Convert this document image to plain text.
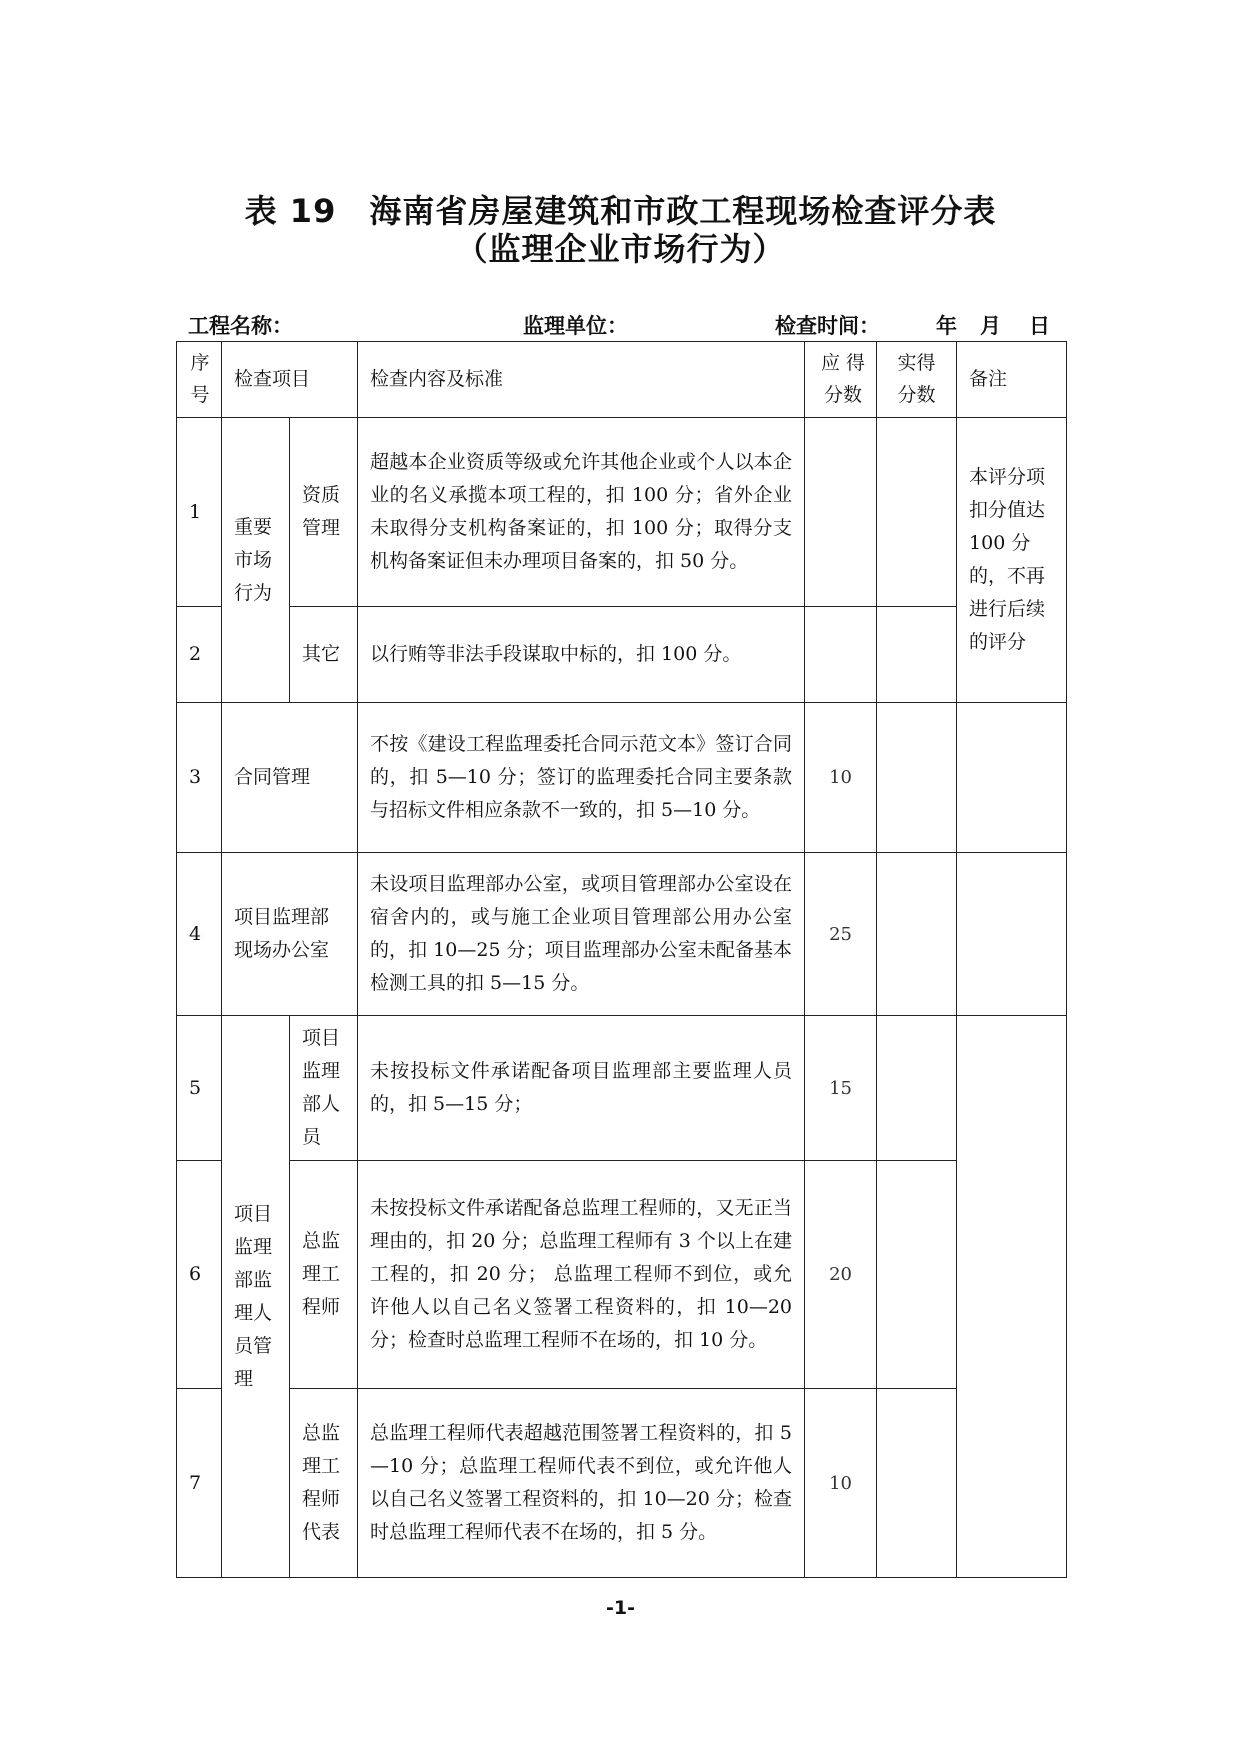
表 19　海南省房屋建筑和市政工程现场检查评分表
（监理企业市场行为）
工程名称：	监理单位：	检查时间：	年 月 日
序号	检查项目		检查内容及标准	应 得 分数	实得分数	备注
1	重要市场行为	资质管理	超越本企业资质等级或允许其他企业或个人以本企业的名义承揽本项工程的，扣 100 分；省外企业未取得分支机构备案证的，扣 100 分；取得分支机构备案证但未办理项目备案的，扣 50 分。			本评分项扣分值达 100 分的，不再进行后续的评分
2		其它	以行贿等非法手段谋取中标的，扣 100 分。			
3	合同管理		不按《建设工程监理委托合同示范文本》签订合同的，扣 5—10 分；签订的监理委托合同主要条款与招标文件相应条款不一致的，扣 5—10 分。	10		
4	项目监理部现场办公室		未设项目监理部办公室，或项目管理部办公室设在宿舍内的，或与施工企业项目管理部公用办公室的，扣 10—25 分；项目监理部办公室未配备基本检测工具的扣 5—15 分。	25		
5	项目监理部监理人员管理	项目监理部人员	未按投标文件承诺配备项目监理部主要监理人员的，扣 5—15 分；	15		
6		总监理工程师	未按投标文件承诺配备总监理工程师的，又无正当理由的，扣 20 分；总监理工程师有 3 个以上在建工程的，扣 20 分； 总监理工程师不到位，或允许他人以自己名义签署工程资料的，扣 10—20 分；检查时总监理工程师不在场的，扣 10 分。	20		
7		总监理工程师代表	总监理工程师代表超越范围签署工程资料的，扣 5—10 分；总监理工程师代表不到位，或允许他人以自己名义签署工程资料的，扣 10—20 分；检查时总监理工程师代表不在场的，扣 5 分。	10		
-1-
